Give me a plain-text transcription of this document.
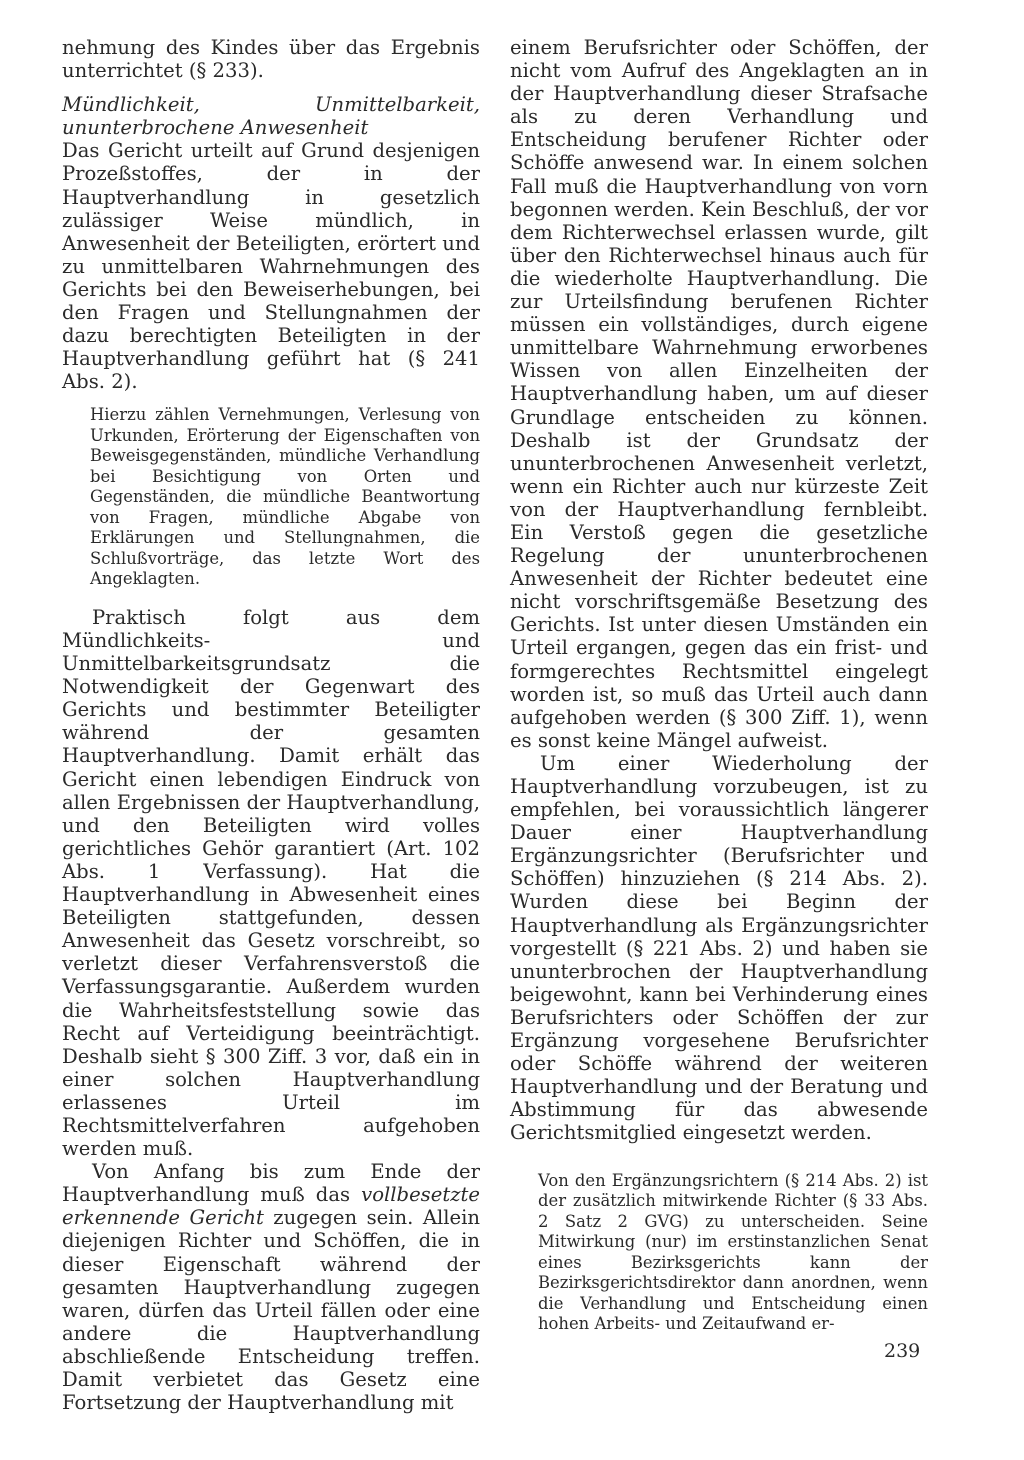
nehmung des Kindes über das Ergebnis unterrichtet (§ 233).

Mündlichkeit, Unmittelbarkeit, ununterbrochene Anwesenheit

Das Gericht urteilt auf Grund desjenigen Prozeßstoffes, der in der Hauptverhandlung in gesetzlich zulässiger Weise mündlich, in Anwesenheit der Beteiligten, erörtert und zu unmittelbaren Wahrnehmungen des Gerichts bei den Beweiserhebungen, bei den Fragen und Stellungnahmen der dazu berechtigten Beteiligten in der Hauptverhandlung geführt hat (§ 241 Abs. 2).

Hierzu zählen Vernehmungen, Verlesung von Urkunden, Erörterung der Eigenschaften von Beweisgegenständen, mündliche Verhandlung bei Besichtigung von Orten und Gegenständen, die mündliche Beantwortung von Fragen, mündliche Abgabe von Erklärungen und Stellungnahmen, die Schlußvorträge, das letzte Wort des Angeklagten.

Praktisch folgt aus dem Mündlichkeits- und Unmittelbarkeitsgrundsatz die Notwendigkeit der Gegenwart des Gerichts und bestimmter Beteiligter während der gesamten Hauptverhandlung. Damit erhält das Gericht einen lebendigen Eindruck von allen Ergebnissen der Hauptverhandlung, und den Beteiligten wird volles gerichtliches Gehör garantiert (Art. 102 Abs. 1 Verfassung). Hat die Hauptverhandlung in Abwesenheit eines Beteiligten stattgefunden, dessen Anwesenheit das Gesetz vorschreibt, so verletzt dieser Verfahrensverstoß die Verfassungsgarantie. Außerdem wurden die Wahrheitsfeststellung sowie das Recht auf Verteidigung beeinträchtigt. Deshalb sieht § 300 Ziff. 3 vor, daß ein in einer solchen Hauptverhandlung erlassenes Urteil im Rechtsmittelverfahren aufgehoben werden muß.

Von Anfang bis zum Ende der Hauptverhandlung muß das vollbesetzte erkennende Gericht zugegen sein. Allein diejenigen Richter und Schöffen, die in dieser Eigenschaft während der gesamten Hauptverhandlung zugegen waren, dürfen das Urteil fällen oder eine andere die Hauptverhandlung abschließende Entscheidung treffen. Damit verbietet das Gesetz eine Fortsetzung der Hauptverhandlung mit

einem Berufsrichter oder Schöffen, der nicht vom Aufruf des Angeklagten an in der Hauptverhandlung dieser Strafsache als zu deren Verhandlung und Entscheidung berufener Richter oder Schöffe anwesend war. In einem solchen Fall muß die Hauptverhandlung von vorn begonnen werden. Kein Beschluß, der vor dem Richterwechsel erlassen wurde, gilt über den Richterwechsel hinaus auch für die wiederholte Hauptverhandlung. Die zur Urteilsfindung berufenen Richter müssen ein vollständiges, durch eigene unmittelbare Wahrnehmung erworbenes Wissen von allen Einzelheiten der Hauptverhandlung haben, um auf dieser Grundlage entscheiden zu können. Deshalb ist der Grundsatz der ununterbrochenen Anwesenheit verletzt, wenn ein Richter auch nur kürzeste Zeit von der Hauptverhandlung fernbleibt. Ein Verstoß gegen die gesetzliche Regelung der ununterbrochenen Anwesenheit der Richter bedeutet eine nicht vorschriftsgemäße Besetzung des Gerichts. Ist unter diesen Umständen ein Urteil ergangen, gegen das ein frist- und formgerechtes Rechtsmittel eingelegt worden ist, so muß das Urteil auch dann aufgehoben werden (§ 300 Ziff. 1), wenn es sonst keine Mängel aufweist.

Um einer Wiederholung der Hauptverhandlung vorzubeugen, ist zu empfehlen, bei voraussichtlich längerer Dauer einer Hauptverhandlung Ergänzungsrichter (Berufsrichter und Schöffen) hinzuziehen (§ 214 Abs. 2). Wurden diese bei Beginn der Hauptverhandlung als Ergänzungsrichter vorgestellt (§ 221 Abs. 2) und haben sie ununterbrochen der Hauptverhandlung beigewohnt, kann bei Verhinderung eines Berufsrichters oder Schöffen der zur Ergänzung vorgesehene Berufsrichter oder Schöffe während der weiteren Hauptverhandlung und der Beratung und Abstimmung für das abwesende Gerichtsmitglied eingesetzt werden.

Von den Ergänzungsrichtern (§ 214 Abs. 2) ist der zusätzlich mitwirkende Richter (§ 33 Abs. 2 Satz 2 GVG) zu unterscheiden. Seine Mitwirkung (nur) im erstinstanzlichen Senat eines Bezirksgerichts kann der Bezirksgerichtsdirektor dann anordnen, wenn die Verhandlung und Entscheidung einen hohen Arbeits- und Zeitaufwand er-

239
